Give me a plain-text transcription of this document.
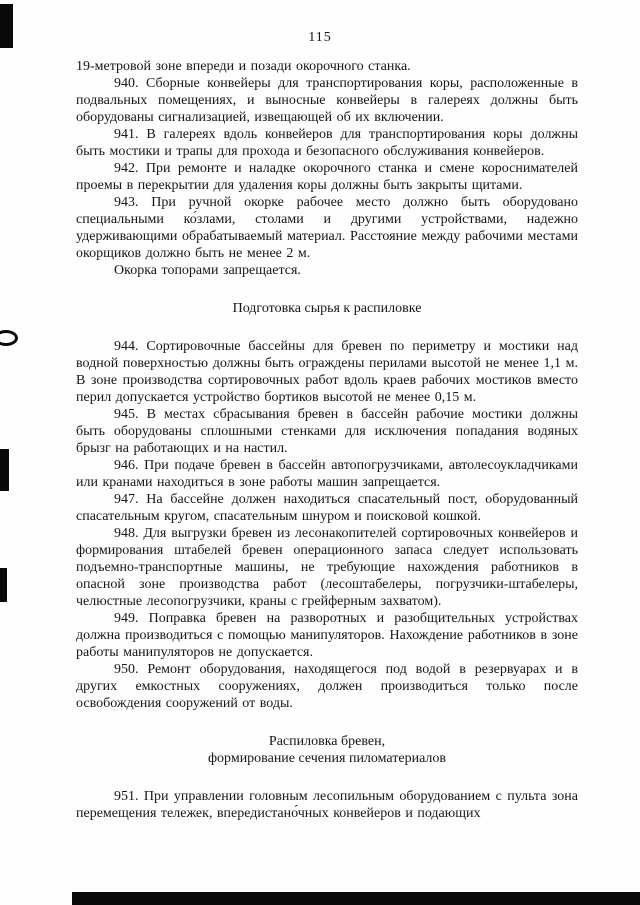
115

19-метровой зоне впереди и позади окорочного станка.

940. Сборные конвейеры для транспортирования коры, расположенные в подвальных помещениях, и выносные конвейеры в галереях должны быть оборудованы сигнализацией, извещающей об их включении.

941. В галереях вдоль конвейеров для транспортирования коры должны быть мостики и трапы для прохода и безопасного обслуживания конвейеров.

942. При ремонте и наладке окорочного станка и смене короснимателей проемы в перекрытии для удаления коры должны быть закрыты щитами.

943. При ручной окорке рабочее место должно быть оборудовано специальными ко́злами, столами и другими устройствами, надежно удерживающими обрабатываемый материал. Расстояние между рабочими местами окорщиков должно быть не менее 2 м.

Окорка топорами запрещается.

Подготовка сырья к распиловке

944. Сортировочные бассейны для бревен по периметру и мостики над водной поверхностью должны быть ограждены перилами высотой не менее 1,1 м. В зоне производства сортировочных работ вдоль краев рабочих мостиков вместо перил допускается устройство бортиков высотой не менее 0,15 м.

945. В местах сбрасывания бревен в бассейн рабочие мостики должны быть оборудованы сплошными стенками для исключения попадания водяных брызг на работающих и на настил.

946. При подаче бревен в бассейн автопогрузчиками, автолесоукладчиками или кранами находиться в зоне работы машин запрещается.

947. На бассейне должен находиться спасательный пост, оборудованный спасательным кругом, спасательным шнуром и поисковой кошкой.

948. Для выгрузки бревен из лесонакопителей сортировочных конвейеров и формирования штабелей бревен операционного запаса следует использовать подъемно-транспортные машины, не требующие нахождения работников в опасной зоне производства работ (лесоштабелеры, погрузчики-штабелеры, челюстные лесопогрузчики, краны с грейферным захватом).

949. Поправка бревен на разворотных и разобщительных устройствах должна производиться с помощью манипуляторов. Нахождение работников в зоне работы манипуляторов не допускается.

950. Ремонт оборудования, находящегося под водой в резервуарах и в других емкостных сооружениях, должен производиться только после освобождения сооружений от воды.

Распиловка бревен,
формирование сечения пиломатериалов

951. При управлении головным лесопильным оборудованием с пульта зона перемещения тележек, впередистано́чных конвейеров и подающих
